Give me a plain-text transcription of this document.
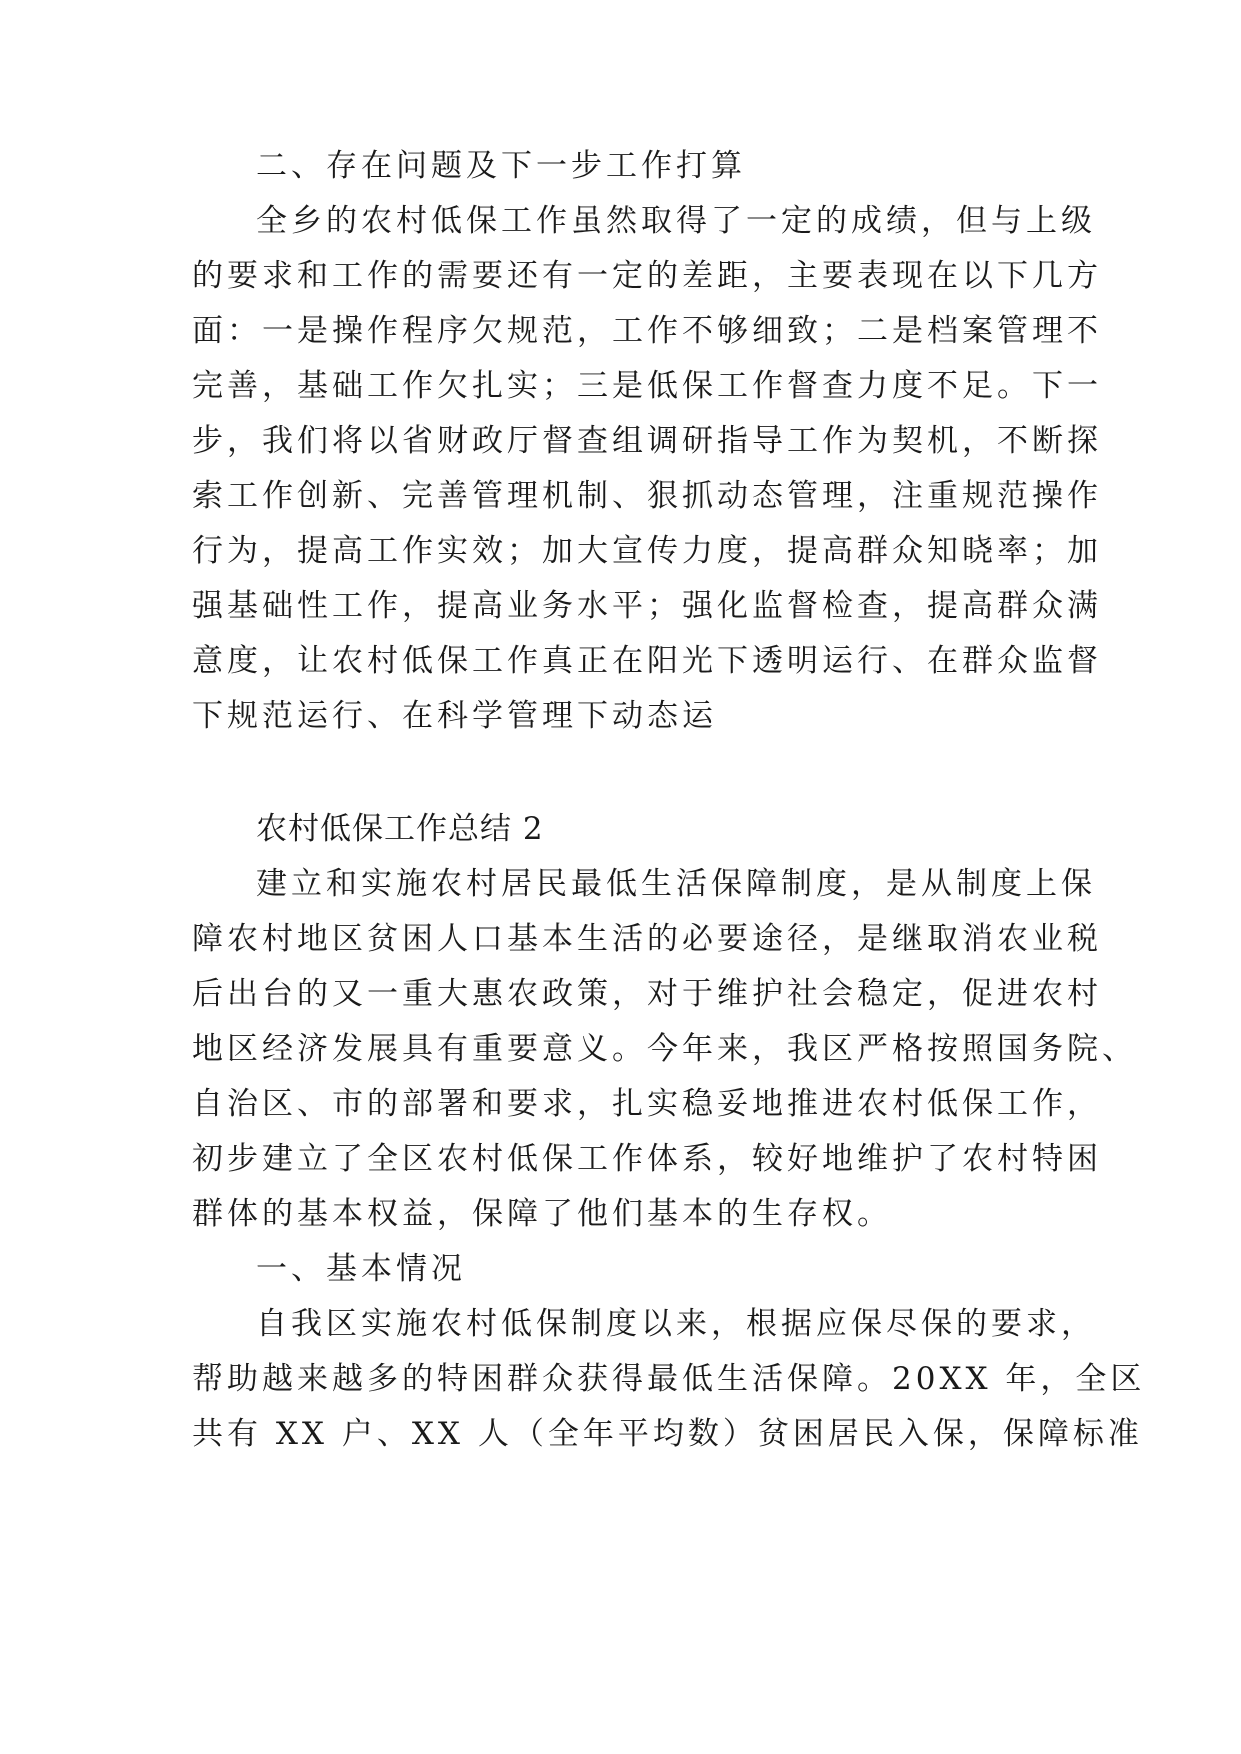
二、存在问题及下一步工作打算
全乡的农村低保工作虽然取得了一定的成绩，但与上级
的要求和工作的需要还有一定的差距，主要表现在以下几方
面：一是操作程序欠规范，工作不够细致；二是档案管理不
完善，基础工作欠扎实；三是低保工作督查力度不足。下一
步，我们将以省财政厅督查组调研指导工作为契机，不断探
索工作创新、完善管理机制、狠抓动态管理，注重规范操作
行为，提高工作实效；加大宣传力度，提高群众知晓率；加
强基础性工作，提高业务水平；强化监督检查，提高群众满
意度，让农村低保工作真正在阳光下透明运行、在群众监督
下规范运行、在科学管理下动态运
农村低保工作总结 2
建立和实施农村居民最低生活保障制度，是从制度上保
障农村地区贫困人口基本生活的必要途径，是继取消农业税
后出台的又一重大惠农政策，对于维护社会稳定，促进农村
地区经济发展具有重要意义。今年来，我区严格按照国务院、
自治区、市的部署和要求，扎实稳妥地推进农村低保工作，
初步建立了全区农村低保工作体系，较好地维护了农村特困
群体的基本权益，保障了他们基本的生存权。
一、基本情况
自我区实施农村低保制度以来，根据应保尽保的要求，
帮助越来越多的特困群众获得最低生活保障。20XX 年，全区
共有 XX 户、XX 人（全年平均数）贫困居民入保，保障标准
